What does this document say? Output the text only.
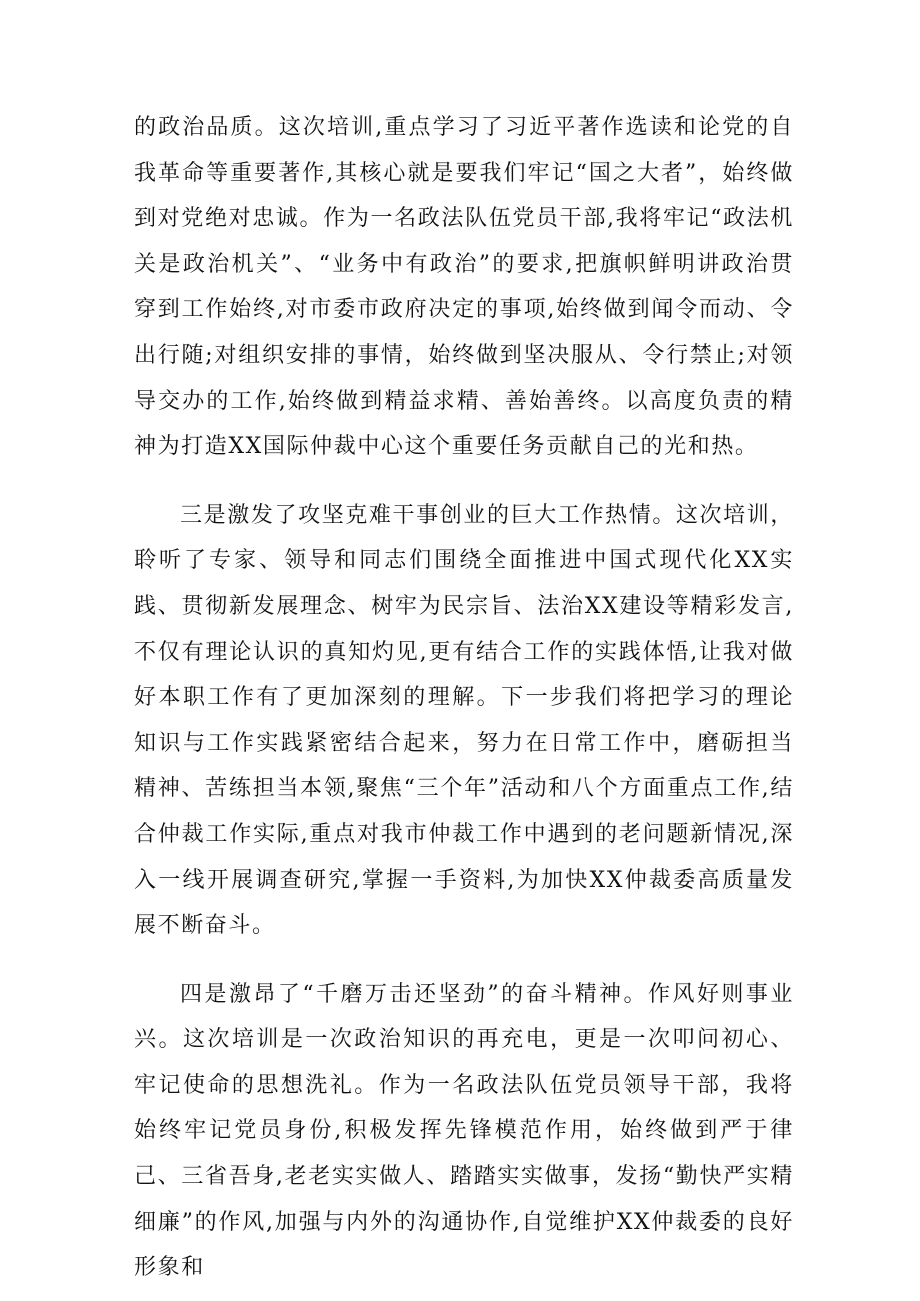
的政治品质。这次培训,重点学习了习近平著作选读和论党的自我革命等重要著作,其核心就是要我们牢记“国之大者”，始终做到对党绝对忠诚。作为一名政法队伍党员干部,我将牢记“政法机关是政治机关”、“业务中有政治”的要求,把旗帜鲜明讲政治贯穿到工作始终,对市委市政府决定的事项,始终做到闻令而动、令出行随;对组织安排的事情，始终做到坚决服从、令行禁止;对领导交办的工作,始终做到精益求精、善始善终。以高度负责的精神为打造XX国际仲裁中心这个重要任务贡献自己的光和热。

三是激发了攻坚克难干事创业的巨大工作热情。这次培训，聆听了专家、领导和同志们围绕全面推进中国式现代化XX实践、贯彻新发展理念、树牢为民宗旨、法治XX建设等精彩发言,不仅有理论认识的真知灼见,更有结合工作的实践体悟,让我对做好本职工作有了更加深刻的理解。下一步我们将把学习的理论知识与工作实践紧密结合起来，努力在日常工作中，磨砺担当精神、苦练担当本领,聚焦“三个年”活动和八个方面重点工作,结合仲裁工作实际,重点对我市仲裁工作中遇到的老问题新情况,深入一线开展调查研究,掌握一手资料,为加快XX仲裁委高质量发展不断奋斗。

四是激昂了“千磨万击还坚劲”的奋斗精神。作风好则事业兴。这次培训是一次政治知识的再充电，更是一次叩问初心、牢记使命的思想洗礼。作为一名政法队伍党员领导干部，我将始终牢记党员身份,积极发挥先锋模范作用，始终做到严于律己、三省吾身,老老实实做人、踏踏实实做事，发扬“勤快严实精细廉”的作风,加强与内外的沟通协作,自觉维护XX仲裁委的良好形象和
